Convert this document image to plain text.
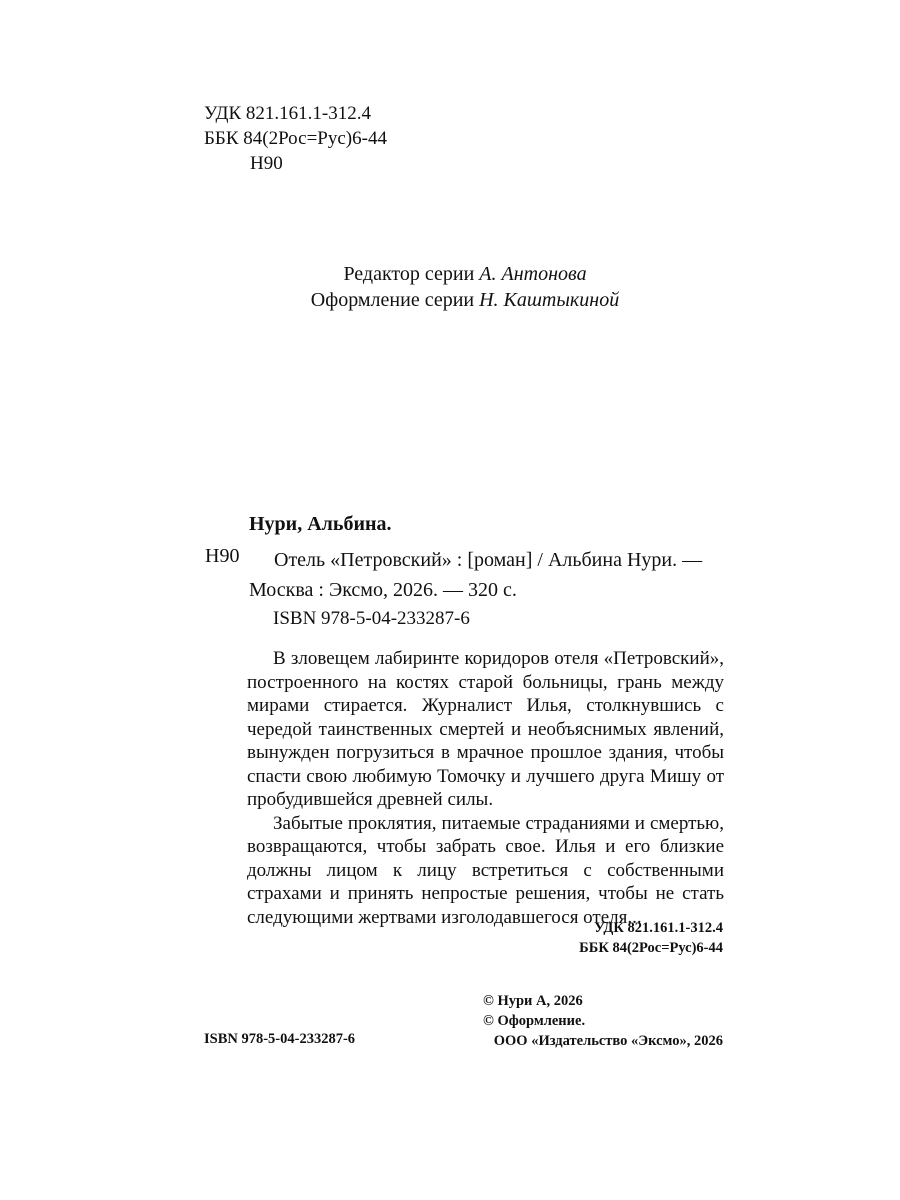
УДК 821.161.1-312.4
ББК 84(2Рос=Рус)6-44
Н90
Редактор серии А. Антонова
Оформление серии Н. Каштыкиной
Нури, Альбина.
Н90	Отель «Петровский» : [роман] / Альбина Нури. —
Москва : Эксмо, 2026. — 320 с.
ISBN 978-5-04-233287-6

В зловещем лабиринте коридоров отеля «Петровский», построенного на костях старой больницы, грань между мирами стирается. Журналист Илья, столкнувшись с чередой таинственных смертей и необъяснимых явлений, вынужден погрузиться в мрачное прошлое здания, чтобы спасти свою любимую Томочку и лучшего друга Мишу от пробудившейся древней силы.

Забытые проклятия, питаемые страданиями и смертью, возвращаются, чтобы забрать свое. Илья и его близкие должны лицом к лицу встретиться с собственными страхами и принять непростые решения, чтобы не стать следующими жертвами изголодавшегося отеля...

УДК 821.161.1-312.4
ББК 84(2Рос=Рус)6-44
© Нури А, 2026
© Оформление.
ООО «Издательство «Эксмо», 2026
ISBN 978-5-04-233287-6
